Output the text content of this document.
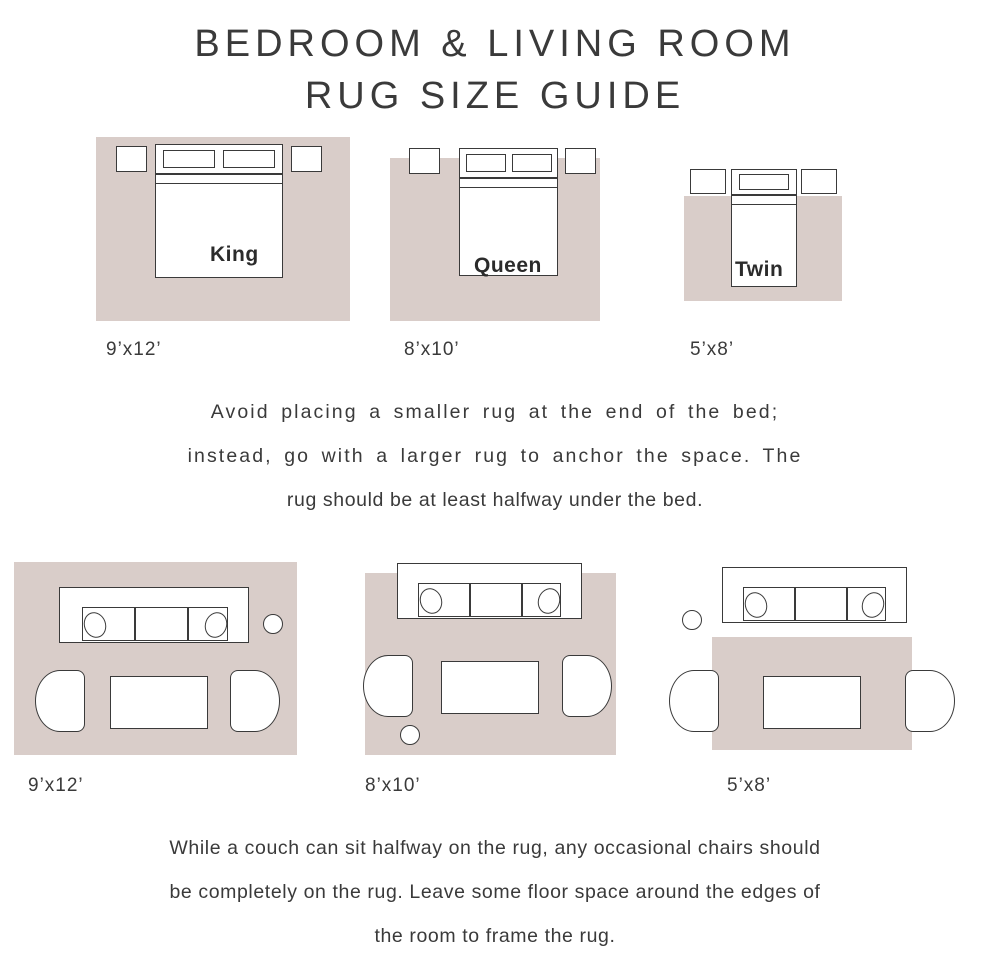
BEDROOM & LIVING ROOM
RUG SIZE GUIDE
King
9’x12’
Queen
8’x10’
Twin
5’x8’
Avoid placing a smaller rug at the end of the bed;
instead, go with a larger rug to anchor the space. The
rug should be at least halfway under the bed.
9’x12’	8’x10’	5’x8’
While a couch can sit halfway on the rug, any occasional chairs should
be completely on the rug. Leave some floor space around the edges of
the room to frame the rug.
